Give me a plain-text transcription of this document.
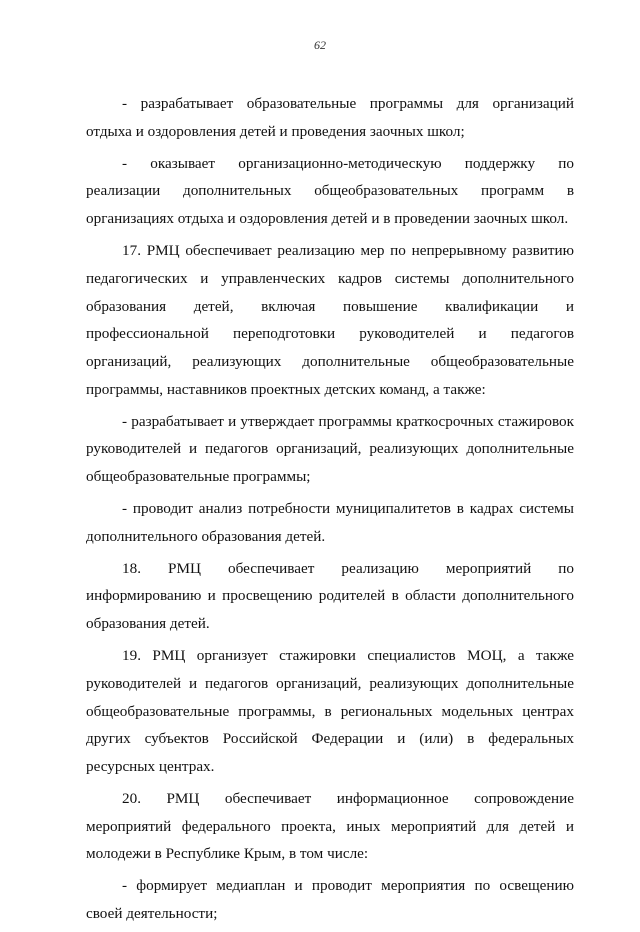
62

- разрабатывает образовательные программы для организаций отдыха и оздоровления детей и проведения заочных школ;

- оказывает организационно-методическую поддержку по реализации дополнительных общеобразовательных программ в организациях отдыха и оздоровления детей и в проведении заочных школ.

17. РМЦ обеспечивает реализацию мер по непрерывному развитию педагогических и управленческих кадров системы дополнительного образования детей, включая повышение квалификации и профессиональной переподготовки руководителей и педагогов организаций, реализующих дополнительные общеобразовательные программы, наставников проектных детских команд, а также:

- разрабатывает и утверждает программы краткосрочных стажировок руководителей и педагогов организаций, реализующих дополнительные общеобразовательные программы;

- проводит анализ потребности муниципалитетов в кадрах системы дополнительного образования детей.

18. РМЦ обеспечивает реализацию мероприятий по информированию и просвещению родителей в области дополнительного образования детей.

19. РМЦ организует стажировки специалистов МОЦ, а также руководителей и педагогов организаций, реализующих дополнительные общеобразовательные программы, в региональных модельных центрах других субъектов Российской Федерации и (или) в федеральных ресурсных центрах.

20. РМЦ обеспечивает информационное сопровождение мероприятий федерального проекта, иных мероприятий для детей и молодежи в Республике Крым, в том числе:

- формирует медиаплан и проводит мероприятия по освещению своей деятельности;
